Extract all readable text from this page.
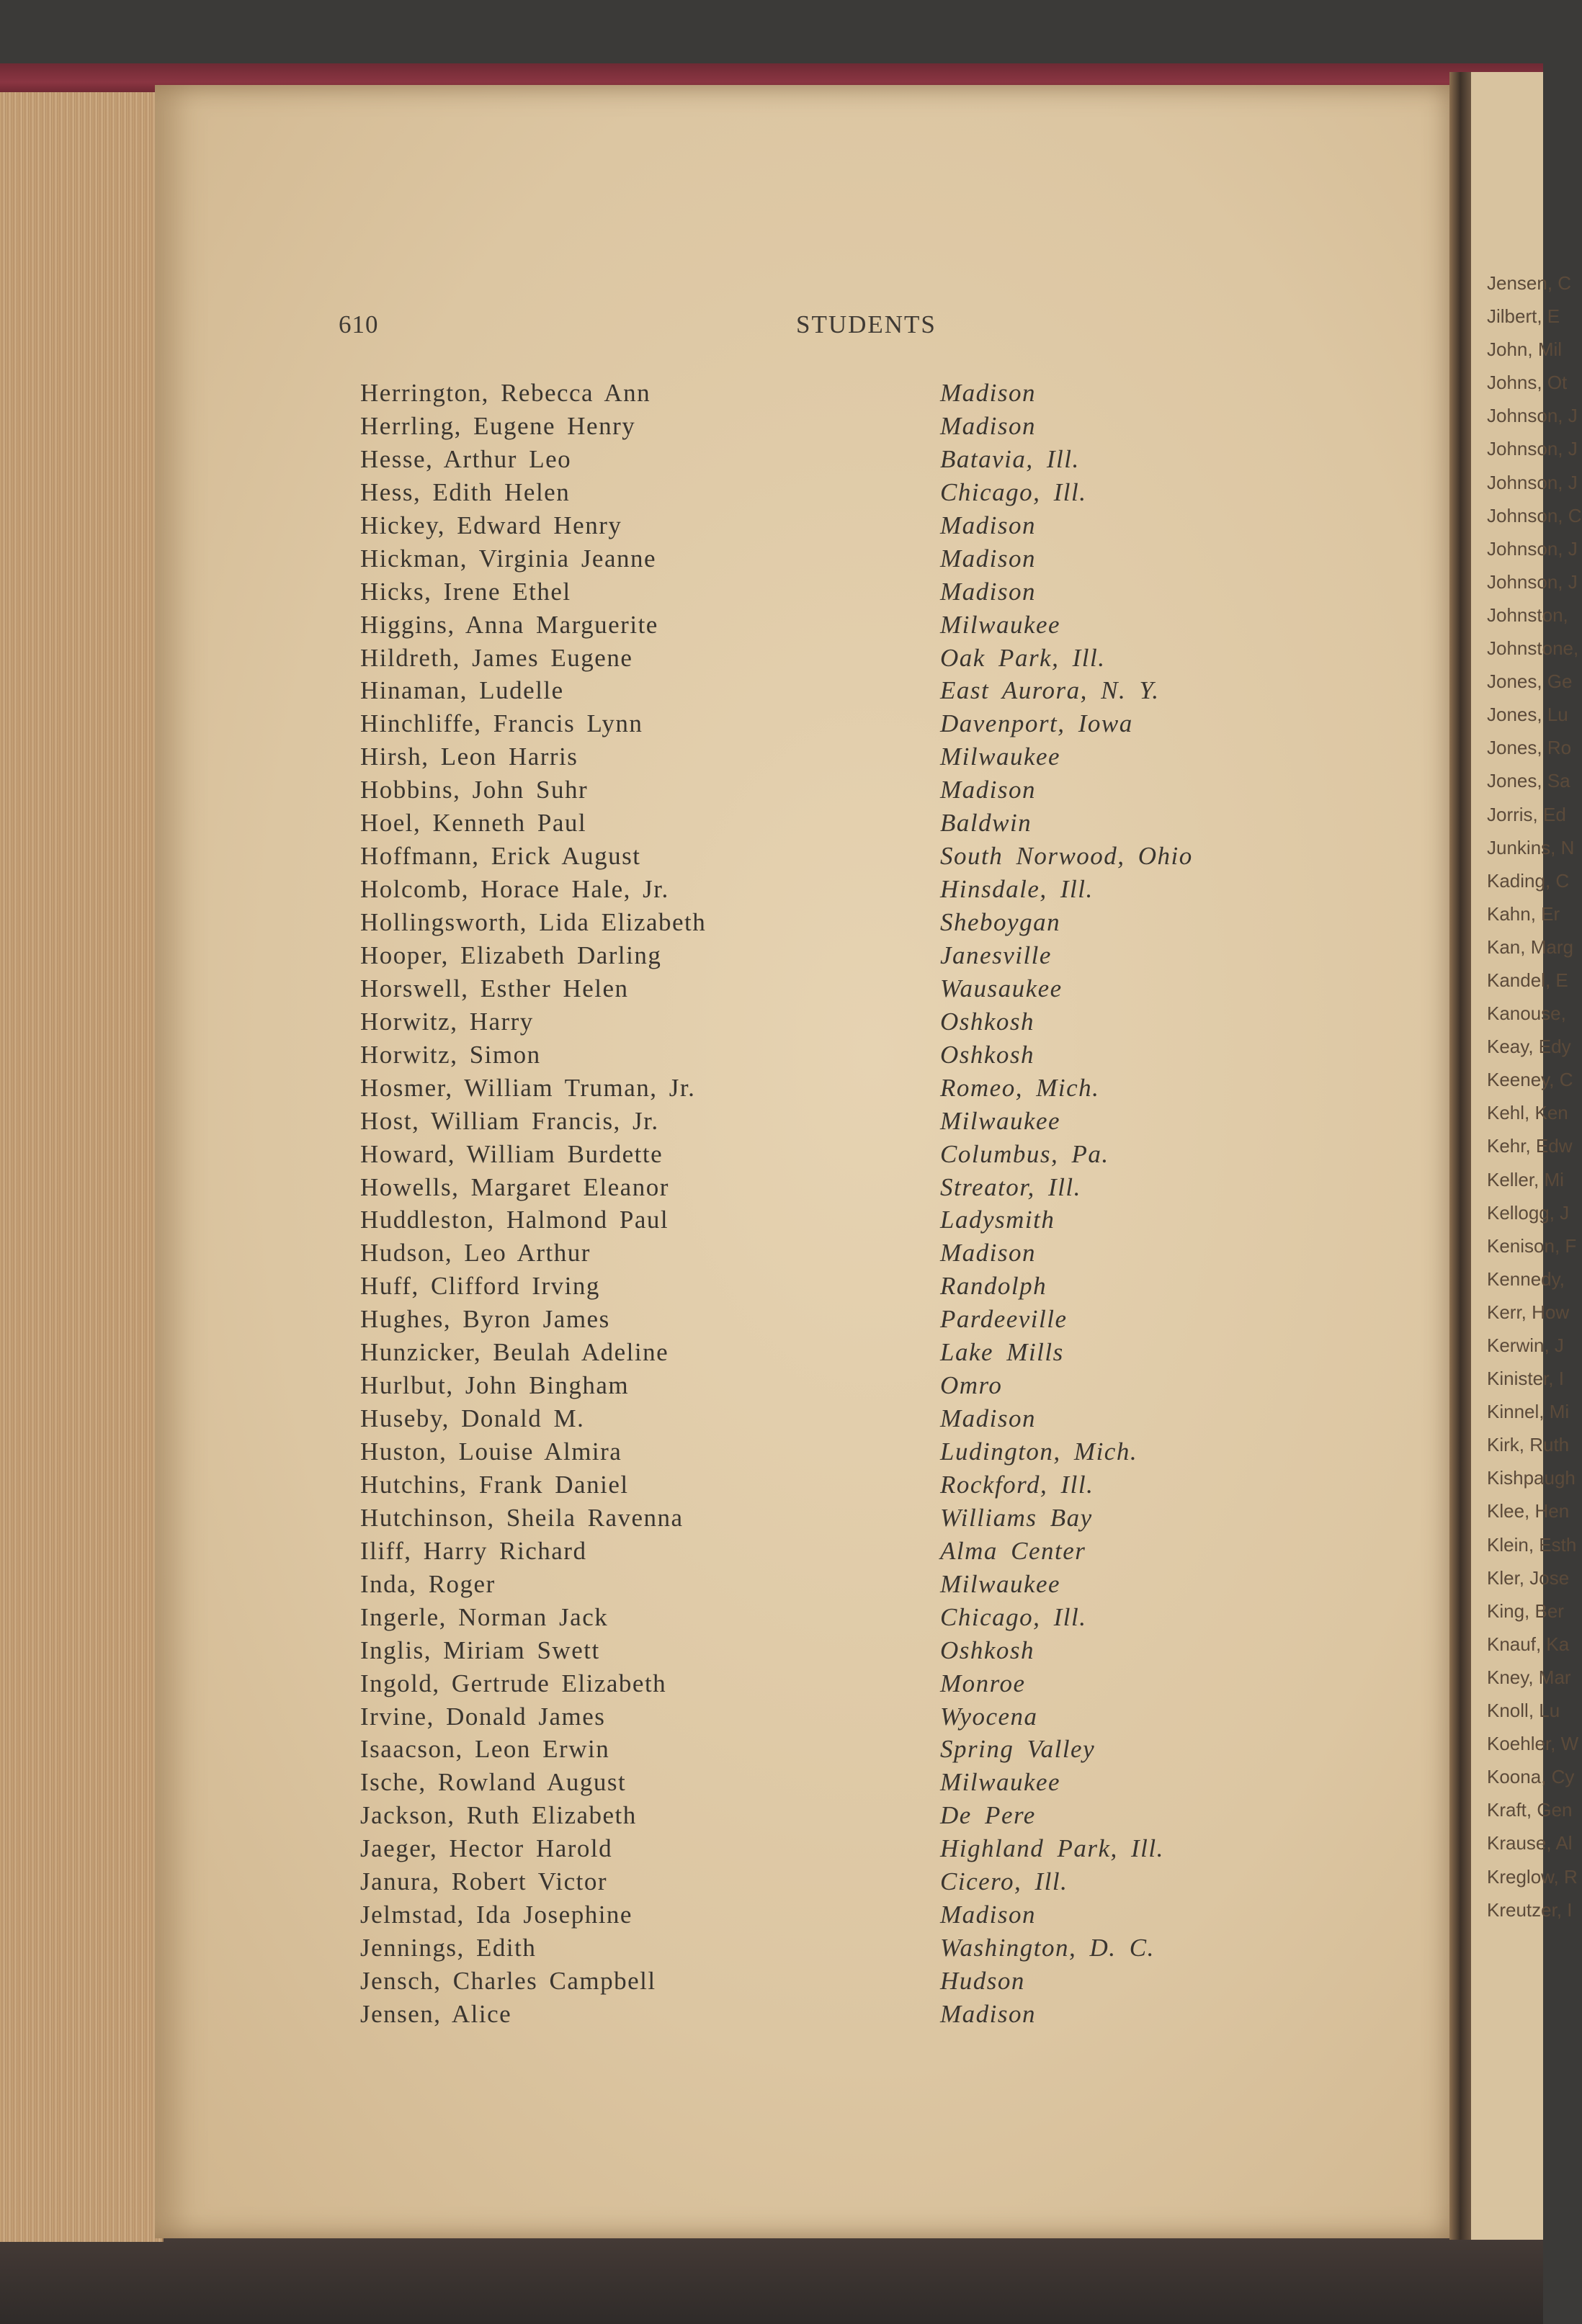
610	STUDENTS
Herrington, Rebecca Ann	Madison
Herrling, Eugene Henry	Madison
Hesse, Arthur Leo	Batavia, Ill.
Hess, Edith Helen	Chicago, Ill.
Hickey, Edward Henry	Madison
Hickman, Virginia Jeanne	Madison
Hicks, Irene Ethel	Madison
Higgins, Anna Marguerite	Milwaukee
Hildreth, James Eugene	Oak Park, Ill.
Hinaman, Ludelle	East Aurora, N. Y.
Hinchliffe, Francis Lynn	Davenport, Iowa
Hirsh, Leon Harris	Milwaukee
Hobbins, John Suhr	Madison
Hoel, Kenneth Paul	Baldwin
Hoffmann, Erick August	South Norwood, Ohio
Holcomb, Horace Hale, Jr.	Hinsdale, Ill.
Hollingsworth, Lida Elizabeth	Sheboygan
Hooper, Elizabeth Darling	Janesville
Horswell, Esther Helen	Wausaukee
Horwitz, Harry	Oshkosh
Horwitz, Simon	Oshkosh
Hosmer, William Truman, Jr.	Romeo, Mich.
Host, William Francis, Jr.	Milwaukee
Howard, William Burdette	Columbus, Pa.
Howells, Margaret Eleanor	Streator, Ill.
Huddleston, Halmond Paul	Ladysmith
Hudson, Leo Arthur	Madison
Huff, Clifford Irving	Randolph
Hughes, Byron James	Pardeeville
Hunzicker, Beulah Adeline	Lake Mills
Hurlbut, John Bingham	Omro
Huseby, Donald M.	Madison
Huston, Louise Almira	Ludington, Mich.
Hutchins, Frank Daniel	Rockford, Ill.
Hutchinson, Sheila Ravenna	Williams Bay
Iliff, Harry Richard	Alma Center
Inda, Roger	Milwaukee
Ingerle, Norman Jack	Chicago, Ill.
Inglis, Miriam Swett	Oshkosh
Ingold, Gertrude Elizabeth	Monroe
Irvine, Donald James	Wyocena
Isaacson, Leon Erwin	Spring Valley
Ische, Rowland August	Milwaukee
Jackson, Ruth Elizabeth	De Pere
Jaeger, Hector Harold	Highland Park, Ill.
Janura, Robert Victor	Cicero, Ill.
Jelmstad, Ida Josephine	Madison
Jennings, Edith	Washington, D. C.
Jensch, Charles Campbell	Hudson
Jensen, Alice	Madison
Jensen, C
Jilbert, E
John, Mil
Johns, Ot
Johnson, J
Johnson, J
Johnson, J
Johnson, C
Johnson, J
Johnson, J
Johnston,
Johnstone,
Jones, Ge
Jones, Lu
Jones, Ro
Jones, Sa
Jorris, Ed
Junkins, N
Kading, C
Kahn, Er
Kan, Marg
Kandel, E
Kanouse,
Keay, Edy
Keeney, C
Kehl, Ken
Kehr, Edw
Keller, Mi
Kellogg, J
Kenison, F
Kennedy,
Kerr, How
Kerwin, J
Kinister, I
Kinnel, Mi
Kirk, Ruth
Kishpaugh
Klee, Hen
Klein, Esth
Kler, Jose
King, Ber
Knauf, Ka
Kney, Mar
Knoll, Lu
Koehler, W
Koona, Cy
Kraft, Gen
Krause, Al
Kreglow, R
Kreutzer, I
